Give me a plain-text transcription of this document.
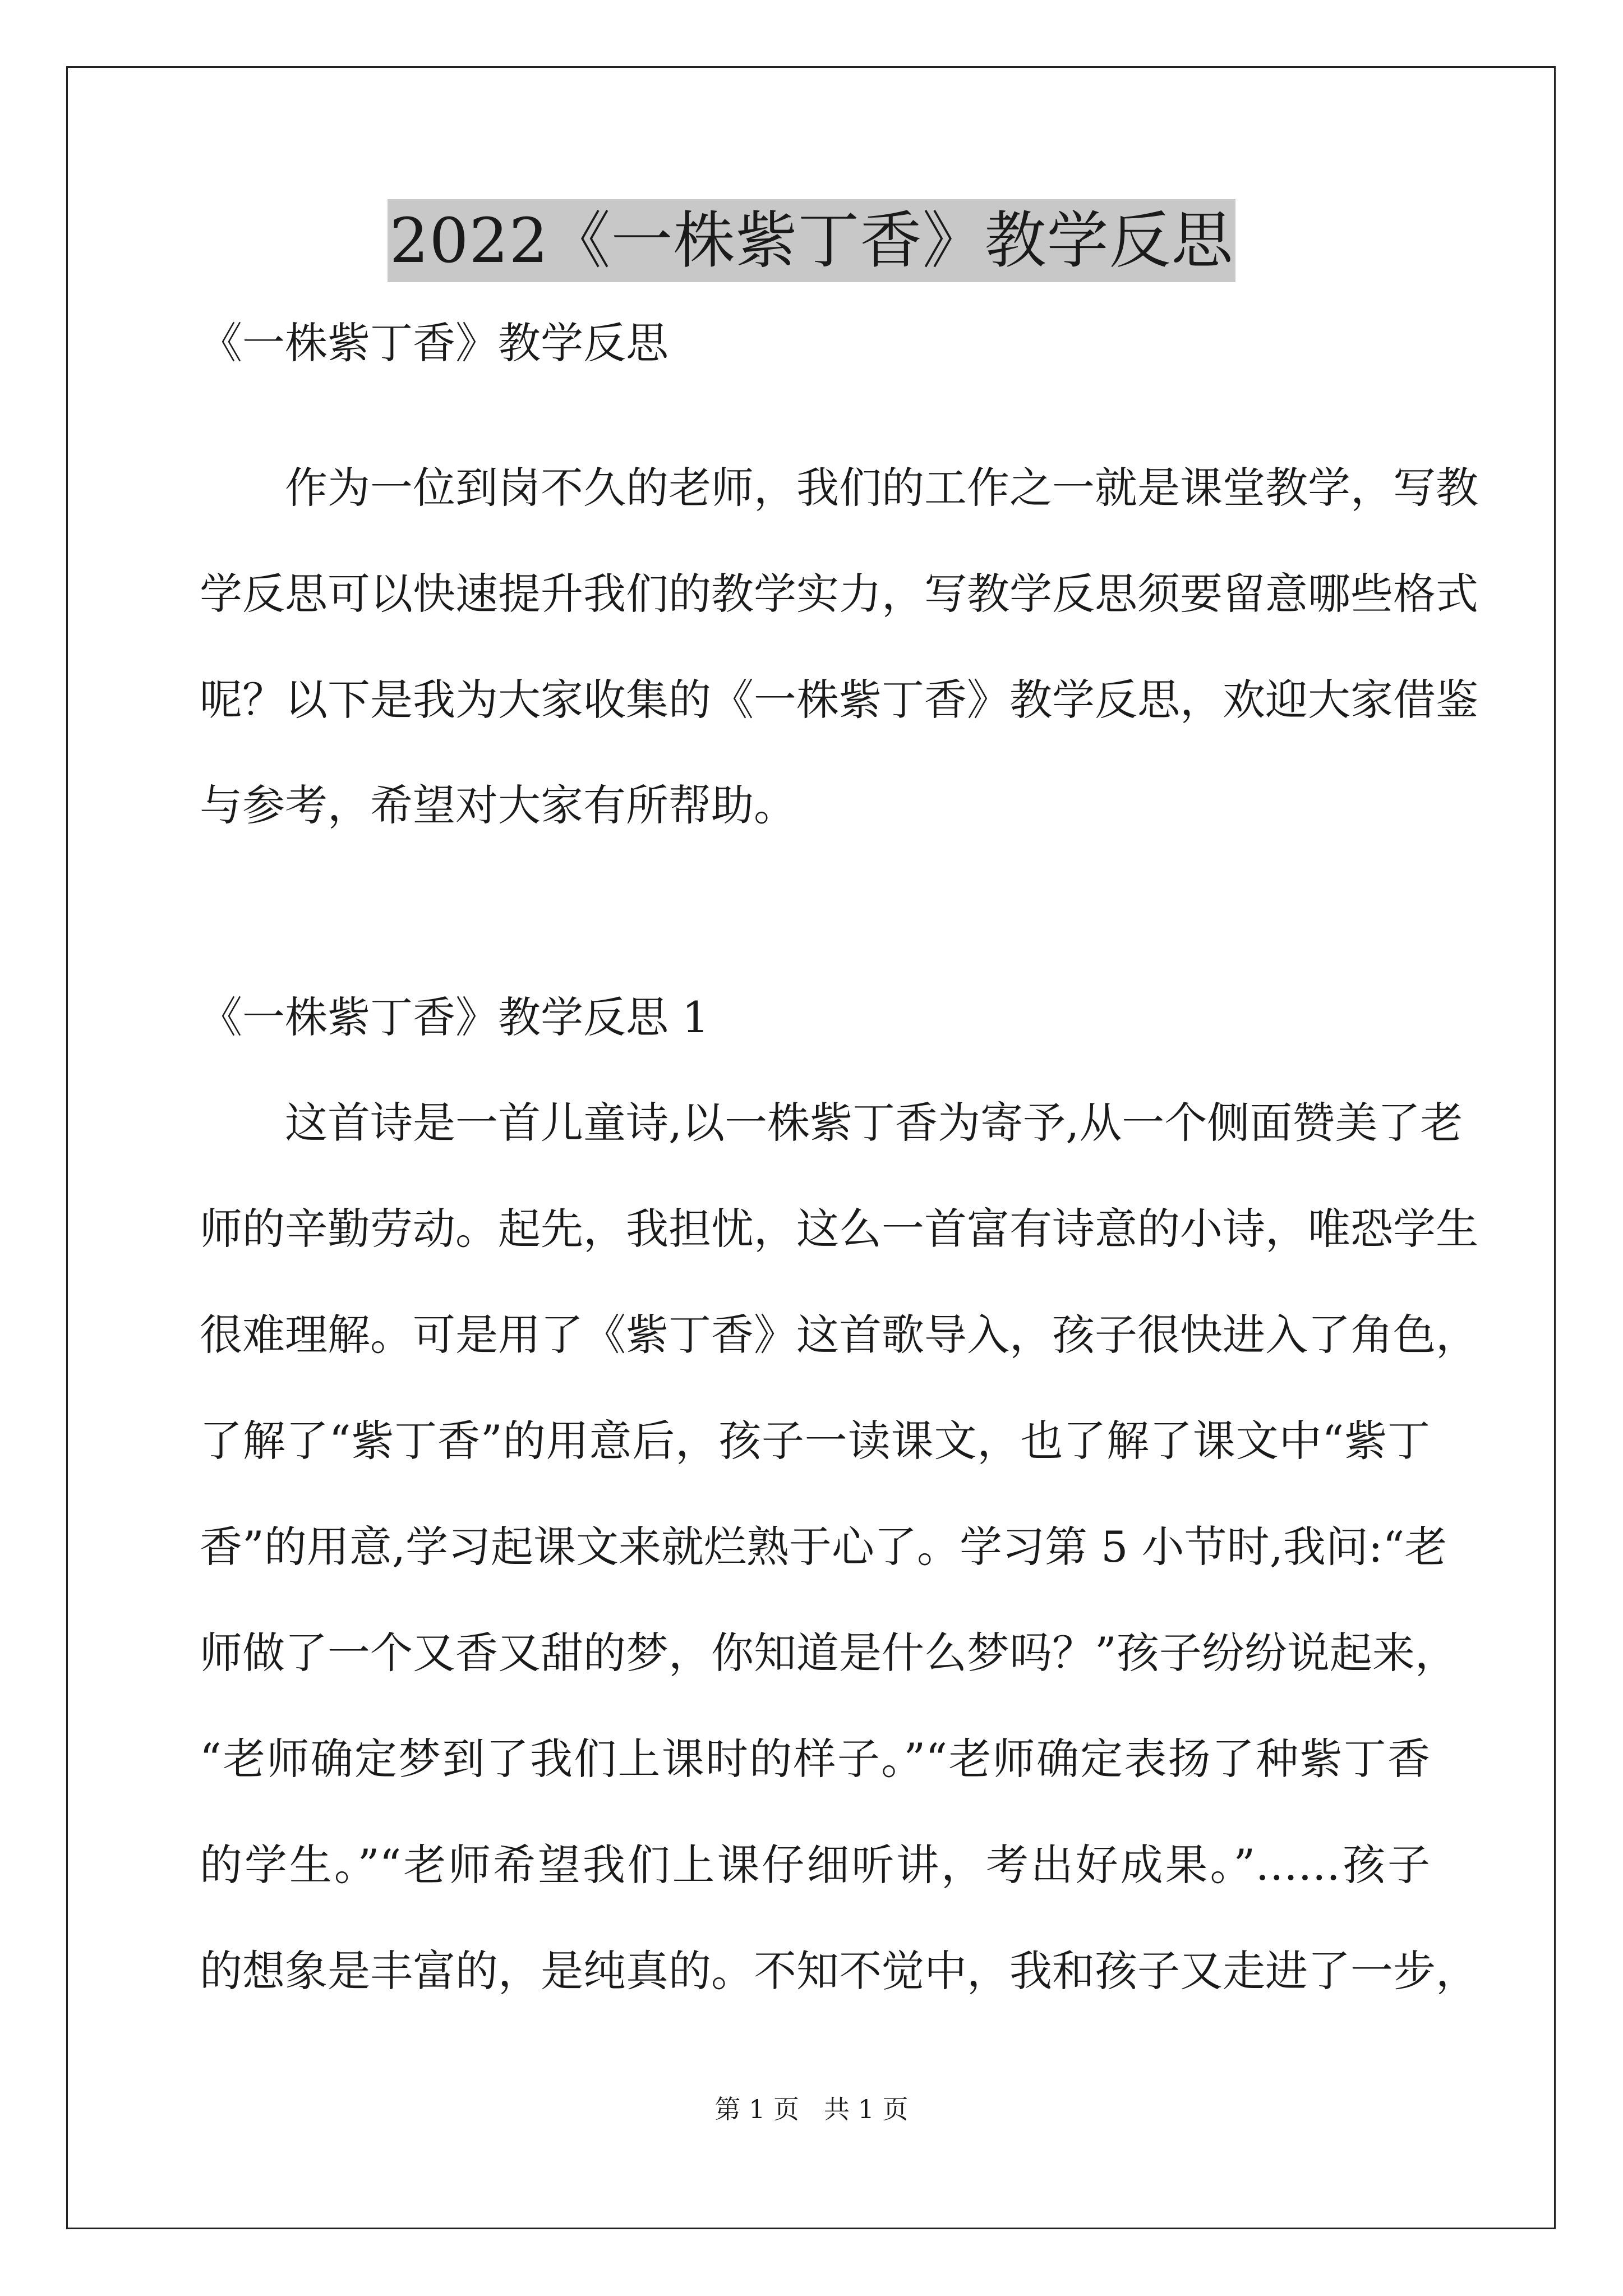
2022《一株紫丁香》教学反思
《一株紫丁香》教学反思
作为一位到岗不久的老师，我们的工作之一就是课堂教学，写教
学反思可以快速提升我们的教学实力，写教学反思须要留意哪些格式
呢？以下是我为大家收集的《一株紫丁香》教学反思，欢迎大家借鉴
与参考，希望对大家有所帮助。
《一株紫丁香》教学反思 1
这首诗是一首儿童诗,以一株紫丁香为寄予,从一个侧面赞美了老
师的辛勤劳动。起先，我担忧，这么一首富有诗意的小诗，唯恐学生
很难理解。可是用了《紫丁香》这首歌导入，孩子很快进入了角色，
了解了“紫丁香”的用意后，孩子一读课文，也了解了课文中“紫丁
香”的用意,学习起课文来就烂熟于心了。学习第 5 小节时,我问:“老
师做了一个又香又甜的梦，你知道是什么梦吗？”孩子纷纷说起来，
“老师确定梦到了我们上课时的样子。”“老师确定表扬了种紫丁香
的学生。”“老师希望我们上课仔细听讲，考出好成果。”……孩子
的想象是丰富的，是纯真的。不知不觉中，我和孩子又走进了一步，
第 1 页 共 1 页
